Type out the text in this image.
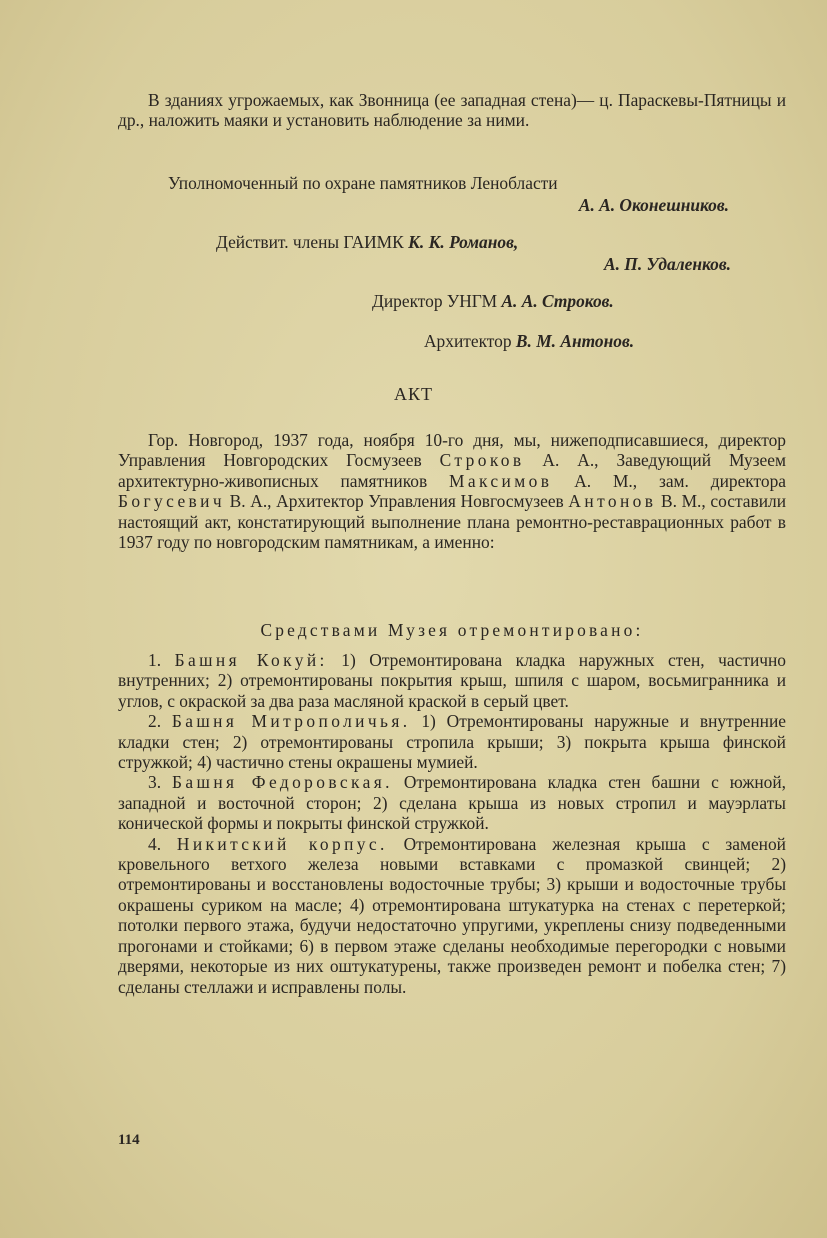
В зданиях угрожаемых, как Звонница (ее западная стена)— ц. Параскевы-Пятницы и др., наложить маяки и установить наблюдение за ними.

Уполномоченный по охране памятников Ленобласти
А. А. Оконешников.
Действит. члены ГАИМК К. К. Романов,
А. П. Удаленков.
Директор УНГМ А. А. Строков.
Архитектор В. М. Антонов.
АКТ

Гор. Новгород, 1937 года, ноября 10-го дня, мы, нижеподписавшиеся, директор Управления Новгородских Госмузеев Строков А. А., Заведующий Музеем архитектурно-живописных памятников Максимов А. М., зам. директора Богусевич В. А., Архитектор Управления Новгосмузеев Антонов В. М., составили настоящий акт, констатирующий выполнение плана ремонтно-реставрационных работ в 1937 году по новгородским памятникам, а именно:

Средствами Музея отремонтировано:

1. Башня Кокуй: 1) Отремонтирована кладка наружных стен, частично внутренних; 2) отремонтированы покрытия крыш, шпиля с шаром, восьмигранника и углов, с окраской за два раза масляной краской в серый цвет.

2. Башня Митрополичья. 1) Отремонтированы наружные и внутренние кладки стен; 2) отремонтированы стропила крыши; 3) покрыта крыша финской стружкой; 4) частично стены окрашены мумией.

3. Башня Федоровская. Отремонтирована кладка стен башни с южной, западной и восточной сторон; 2) сделана крыша из новых стропил и мауэрлаты конической формы и покрыты финской стружкой.

4. Никитский корпус. Отремонтирована железная крыша с заменой кровельного ветхого железа новыми вставками с промазкой свинцей; 2) отремонтированы и восстановлены водосточные трубы; 3) крыши и водосточные трубы окрашены суриком на масле; 4) отремонтирована штукатурка на стенах с перетеркой; потолки первого этажа, будучи недостаточно упругими, укреплены снизу подведенными прогонами и стойками; 6) в первом этаже сделаны необходимые перегородки с новыми дверями, некоторые из них оштукатурены, также произведен ремонт и побелка стен; 7) сделаны стеллажи и исправлены полы.

114
